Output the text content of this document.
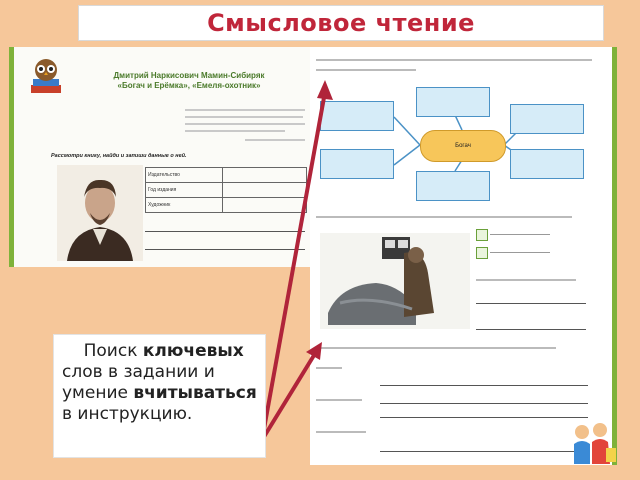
Смысловое чтение
Дмитрий Наркисович Мамин-Сибиряк
«Богач и Ерёмка», «Емеля-охотник»
Рассмотри книгу, найди и запиши данные о ней.
Издательство	
Год издания	
Художник	
Богач
Поиск ключевых слов в задании и умение вчитываться в инструкцию.
